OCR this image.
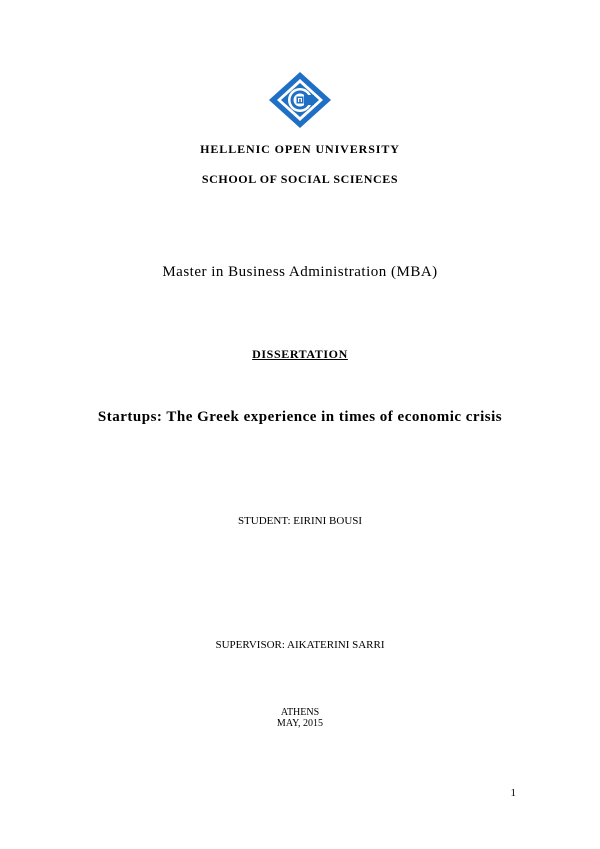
HELLENIC OPEN UNIVERSITY
SCHOOL OF SOCIAL SCIENCES
Master in Business Administration (MBA)
DISSERTATION
Startups: The Greek experience in times of economic crisis
STUDENT: EIRINI BOUSI
SUPERVISOR: AIKATERINI SARRI
ATHENS
MAY, 2015
1
